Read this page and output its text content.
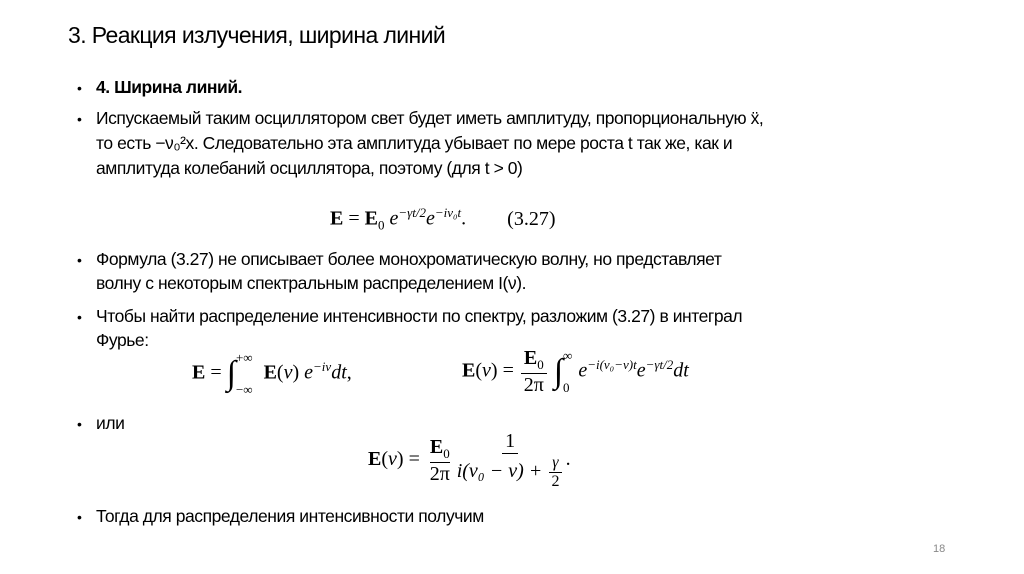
3. Реакция излучения, ширина линий
• 4. Ширина линий.
• Испускаемый таким осциллятором свет будет иметь амплитуду, пропорциональную ẍ,
то есть −ν₀²x. Следовательно эта амплитуда убывает по мере роста t так же, как и
амплитуда колебаний осциллятора, поэтому (для t > 0)
$E = E_0$ $e^{-\gamma t/2}e^{-i\nu_0t}$. (3.27)
• Формула (3.27) не описывает более монохроматическую волну, но представляет
волну с некоторым спектральным распределением I(ν).
• Чтобы найти распределение интенсивности по спектру, разложим (3.27) в интеграл
Фурье:
E = ∫ +∞
−∞
E(ν) $e^{-i\nu}dt$,	$E(\nu) = \frac{E_0}{2\pi}$ ∫ ∞
0
$e^{-i(\nu_0-\nu)t}e^{-\gamma t/2}dt$
• или
$E(\nu) = \frac{E_0}{2\pi} \frac{1}{i(\nu_0 - \nu) + \frac{\gamma}{2}}$ .
• Тогда для распределения интенсивности получим
18
